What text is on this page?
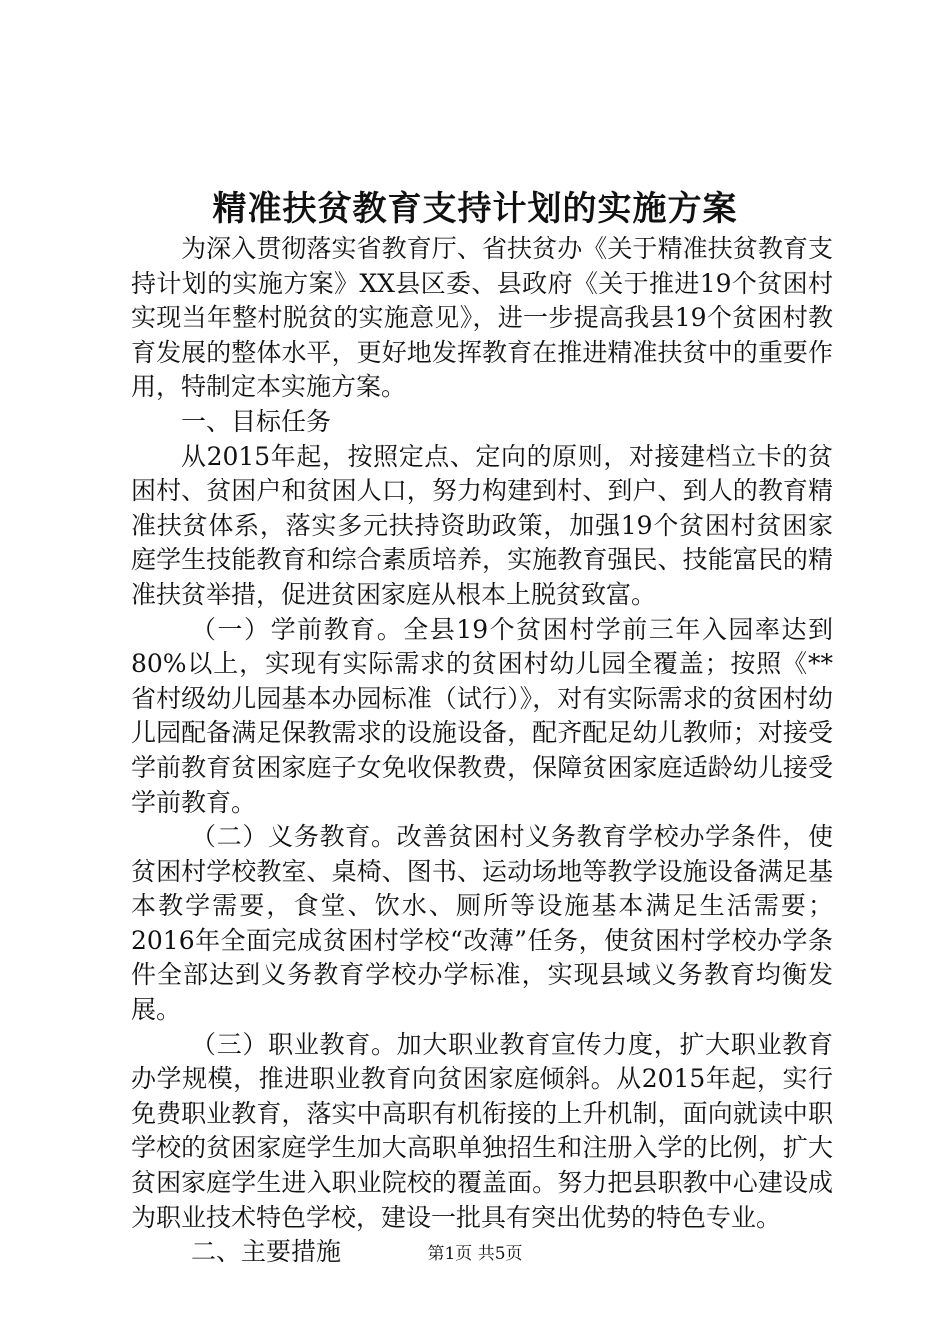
精准扶贫教育支持计划的实施方案

为深入贯彻落实省教育厅、省扶贫办《关于精准扶贫教育支持计划的实施方案》XX县区委、县政府《关于推进19个贫困村实现当年整村脱贫的实施意见》，进一步提高我县19个贫困村教育发展的整体水平，更好地发挥教育在推进精准扶贫中的重要作用，特制定本实施方案。

一、目标任务

从2015年起，按照定点、定向的原则，对接建档立卡的贫困村、贫困户和贫困人口，努力构建到村、到户、到人的教育精准扶贫体系，落实多元扶持资助政策，加强19个贫困村贫困家庭学生技能教育和综合素质培养，实施教育强民、技能富民的精准扶贫举措，促进贫困家庭从根本上脱贫致富。

（一）学前教育。全县19个贫困村学前三年入园率达到80%以上，实现有实际需求的贫困村幼儿园全覆盖；按照《**省村级幼儿园基本办园标准（试行）》，对有实际需求的贫困村幼儿园配备满足保教需求的设施设备，配齐配足幼儿教师；对接受学前教育贫困家庭子女免收保教费，保障贫困家庭适龄幼儿接受学前教育。

（二）义务教育。改善贫困村义务教育学校办学条件，使贫困村学校教室、桌椅、图书、运动场地等教学设施设备满足基本教学需要，食堂、饮水、厕所等设施基本满足生活需要；2016年全面完成贫困村学校“改薄”任务，使贫困村学校办学条件全部达到义务教育学校办学标准，实现县域义务教育均衡发展。

（三）职业教育。加大职业教育宣传力度，扩大职业教育办学规模，推进职业教育向贫困家庭倾斜。从2015年起，实行免费职业教育，落实中高职有机衔接的上升机制，面向就读中职学校的贫困家庭学生加大高职单独招生和注册入学的比例，扩大贫困家庭学生进入职业院校的覆盖面。努力把县职教中心建设成为职业技术特色学校，建设一批具有突出优势的特色专业。

二、主要措施	第1页 共5页
